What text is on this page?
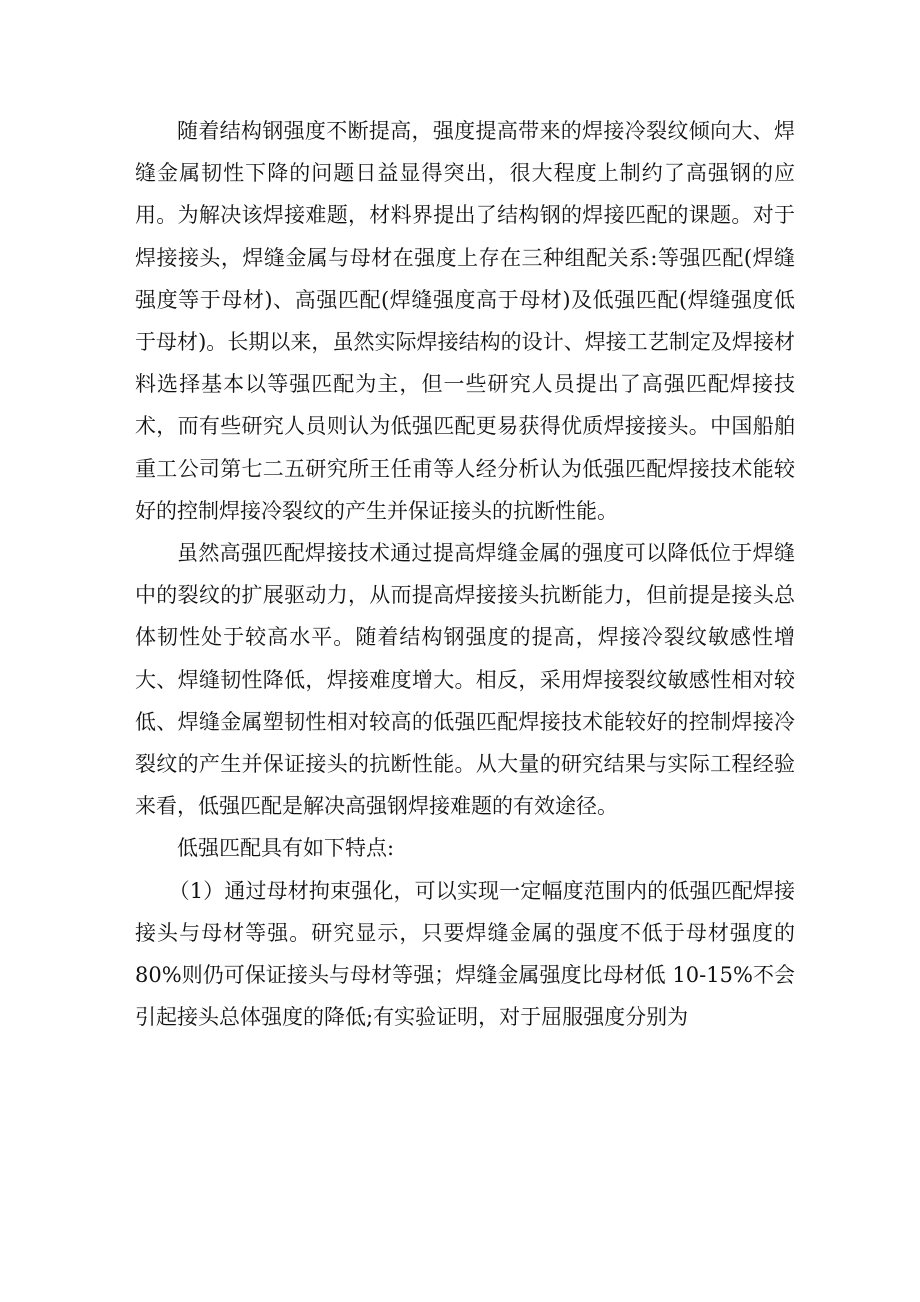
随着结构钢强度不断提高，强度提高带来的焊接冷裂纹倾向大、焊缝金属韧性下降的问题日益显得突出，很大程度上制约了高强钢的应用。为解决该焊接难题，材料界提出了结构钢的焊接匹配的课题。对于焊接接头，焊缝金属与母材在强度上存在三种组配关系:等强匹配(焊缝强度等于母材)、高强匹配(焊缝强度高于母材)及低强匹配(焊缝强度低于母材)。长期以来，虽然实际焊接结构的设计、焊接工艺制定及焊接材料选择基本以等强匹配为主，但一些研究人员提出了高强匹配焊接技术，而有些研究人员则认为低强匹配更易获得优质焊接接头。中国船舶重工公司第七二五研究所王任甫等人经分析认为低强匹配焊接技术能较好的控制焊接冷裂纹的产生并保证接头的抗断性能。

虽然高强匹配焊接技术通过提高焊缝金属的强度可以降低位于焊缝中的裂纹的扩展驱动力，从而提高焊接接头抗断能力，但前提是接头总体韧性处于较高水平。随着结构钢强度的提高，焊接冷裂纹敏感性增大、焊缝韧性降低，焊接难度增大。相反，采用焊接裂纹敏感性相对较低、焊缝金属塑韧性相对较高的低强匹配焊接技术能较好的控制焊接冷裂纹的产生并保证接头的抗断性能。从大量的研究结果与实际工程经验来看，低强匹配是解决高强钢焊接难题的有效途径。

低强匹配具有如下特点:

（1）通过母材拘束强化，可以实现一定幅度范围内的低强匹配焊接接头与母材等强。研究显示，只要焊缝金属的强度不低于母材强度的 80%则仍可保证接头与母材等强；焊缝金属强度比母材低 10-15%不会引起接头总体强度的降低;有实验证明，对于屈服强度分别为
